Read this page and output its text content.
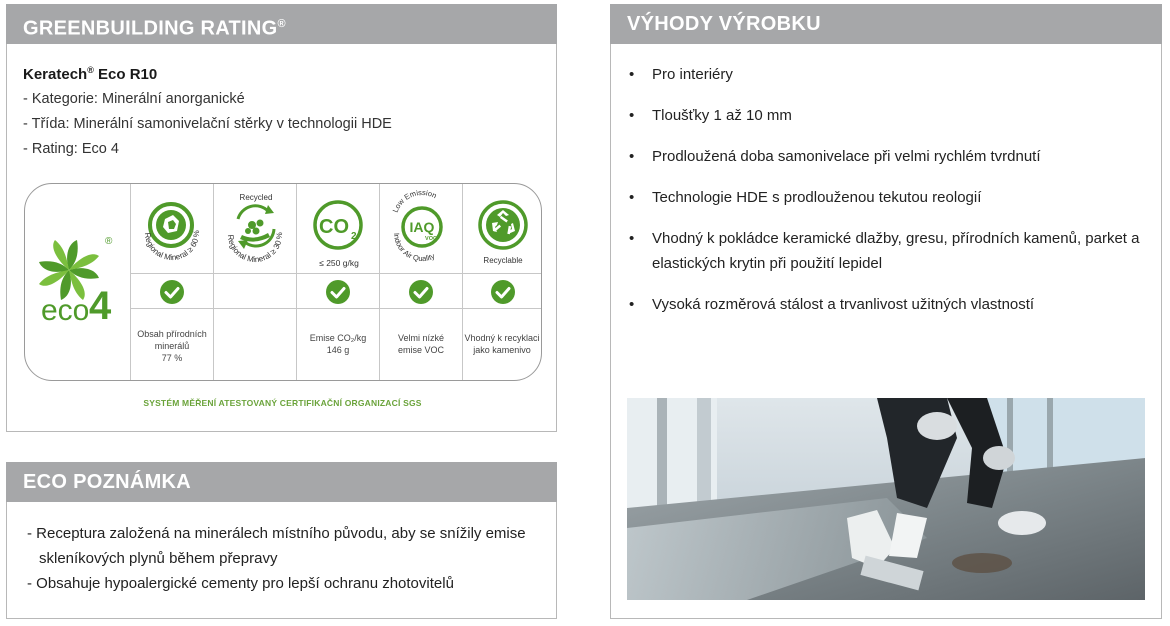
GREENBUILDING RATING®
Keratech® Eco R10
- Kategorie: Minerální anorganické
- Třída: Minerální samonivelační stěrky v technologii HDE
- Rating: Eco 4
eco 4
®
Regional Mineral ≥ 60 %
Recycled
Regional Mineral ≥ 30 % CO 2
≤ 250 g/kg
Low Emission
IAQ
VOC
Indoor Air Quality	Recyclable
Obsah přírodních
minerálů
77 %
Emise CO₂/kg
146 g
Velmi nízké
emise VOC
Vhodný k recyklaci
jako kamenivo
SYSTÉM MĚŘENÍ ATESTOVANÝ CERTIFIKAČNÍ ORGANIZACÍ SGS
ECO POZNÁMKA
- Receptura založená na minerálech místního původu, aby se snížily emise skleníkových plynů během přepravy
- Obsahuje hypoalergické cementy pro lepší ochranu zhotovitelů
VÝHODY VÝROBKU
• Pro interiéry
• Tloušťky 1 až 10 mm
• Prodloužená doba samonivelace při velmi rychlém tvrdnutí
• Technologie HDE s prodlouženou tekutou reologií
• Vhodný k pokládce keramické dlažby, gresu, přírodních kamenů, parket a elastických krytin při použití lepidel
• Vysoká rozměrová stálost a trvanlivost užitných vlastností
